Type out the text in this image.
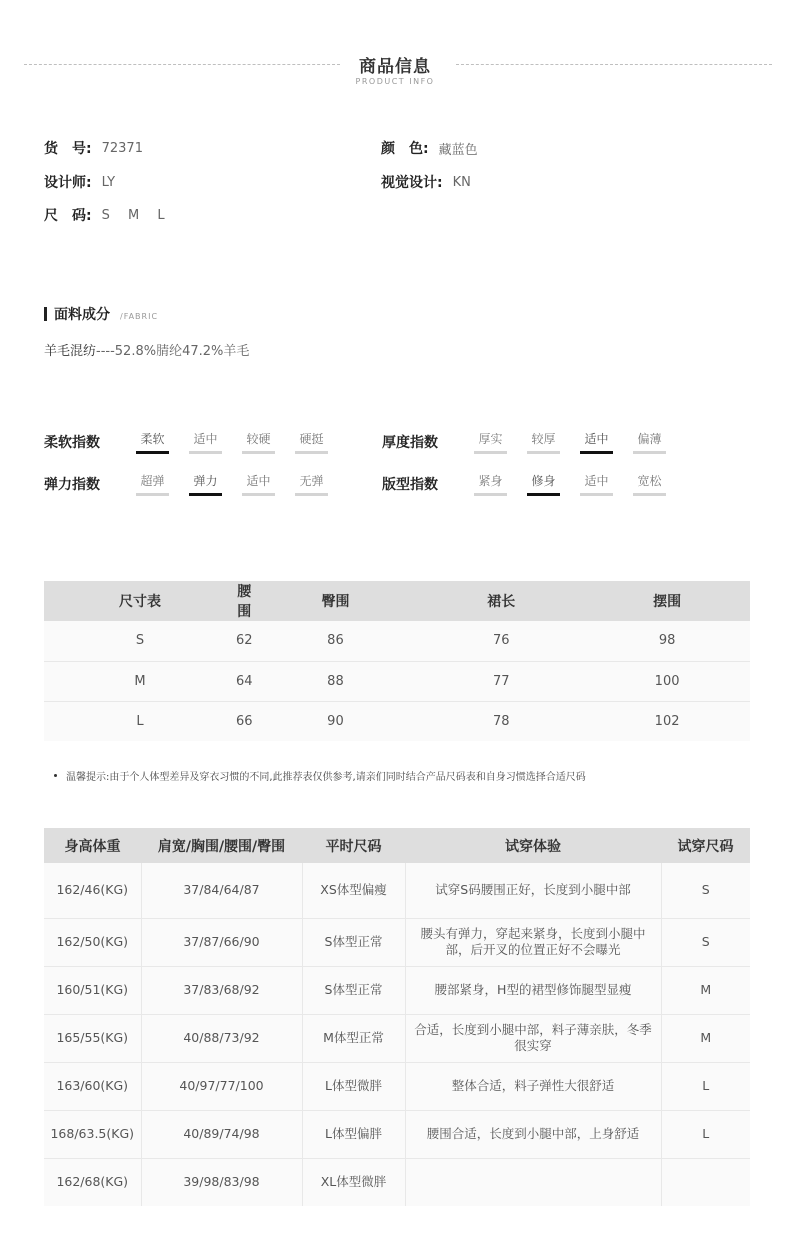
商品信息
PRODUCT INFO
货　号: 72371	颜　色: 藏蓝色
设计师: LY	视觉设计: KN
尺　码: S M L
面料成分 /FABRIC
羊毛混纺----52.8%腈纶47.2%羊毛
柔软指数	柔软	适中	较硬	硬挺	厚度指数	厚实	较厚	适中	偏薄
弹力指数	超弹	弹力	适中	无弹	版型指数	紧身	修身	适中	宽松
尺寸表	腰围	臀围	裙长	摆围
S	62	86	76	98
M	64	88	77	100
L	66	90	78	102
温馨提示:由于个人体型差异及穿衣习惯的不同,此推荐表仅供参考,请亲们同时结合产品尺码表和自身习惯选择合适尺码
身高体重	肩宽/胸围/腰围/臀围	平时尺码	试穿体验	试穿尺码
162/46(KG)	37/84/64/87	XS体型偏瘦	试穿S码腰围正好，长度到小腿中部	S
162/50(KG)	37/87/66/90	S体型正常	腰头有弹力，穿起来紧身，长度到小腿中部，后开叉的位置正好不会曝光	S
160/51(KG)	37/83/68/92	S体型正常	腰部紧身，H型的裙型修饰腿型显瘦	M
165/55(KG)	40/88/73/92	M体型正常	合适，长度到小腿中部，料子薄亲肤，冬季很实穿	M
163/60(KG)	40/97/77/100	L体型微胖	整体合适，料子弹性大很舒适	L
168/63.5(KG)	40/89/74/98	L体型偏胖	腰围合适，长度到小腿中部，上身舒适	L
162/68(KG)	39/98/83/98	XL体型微胖		
